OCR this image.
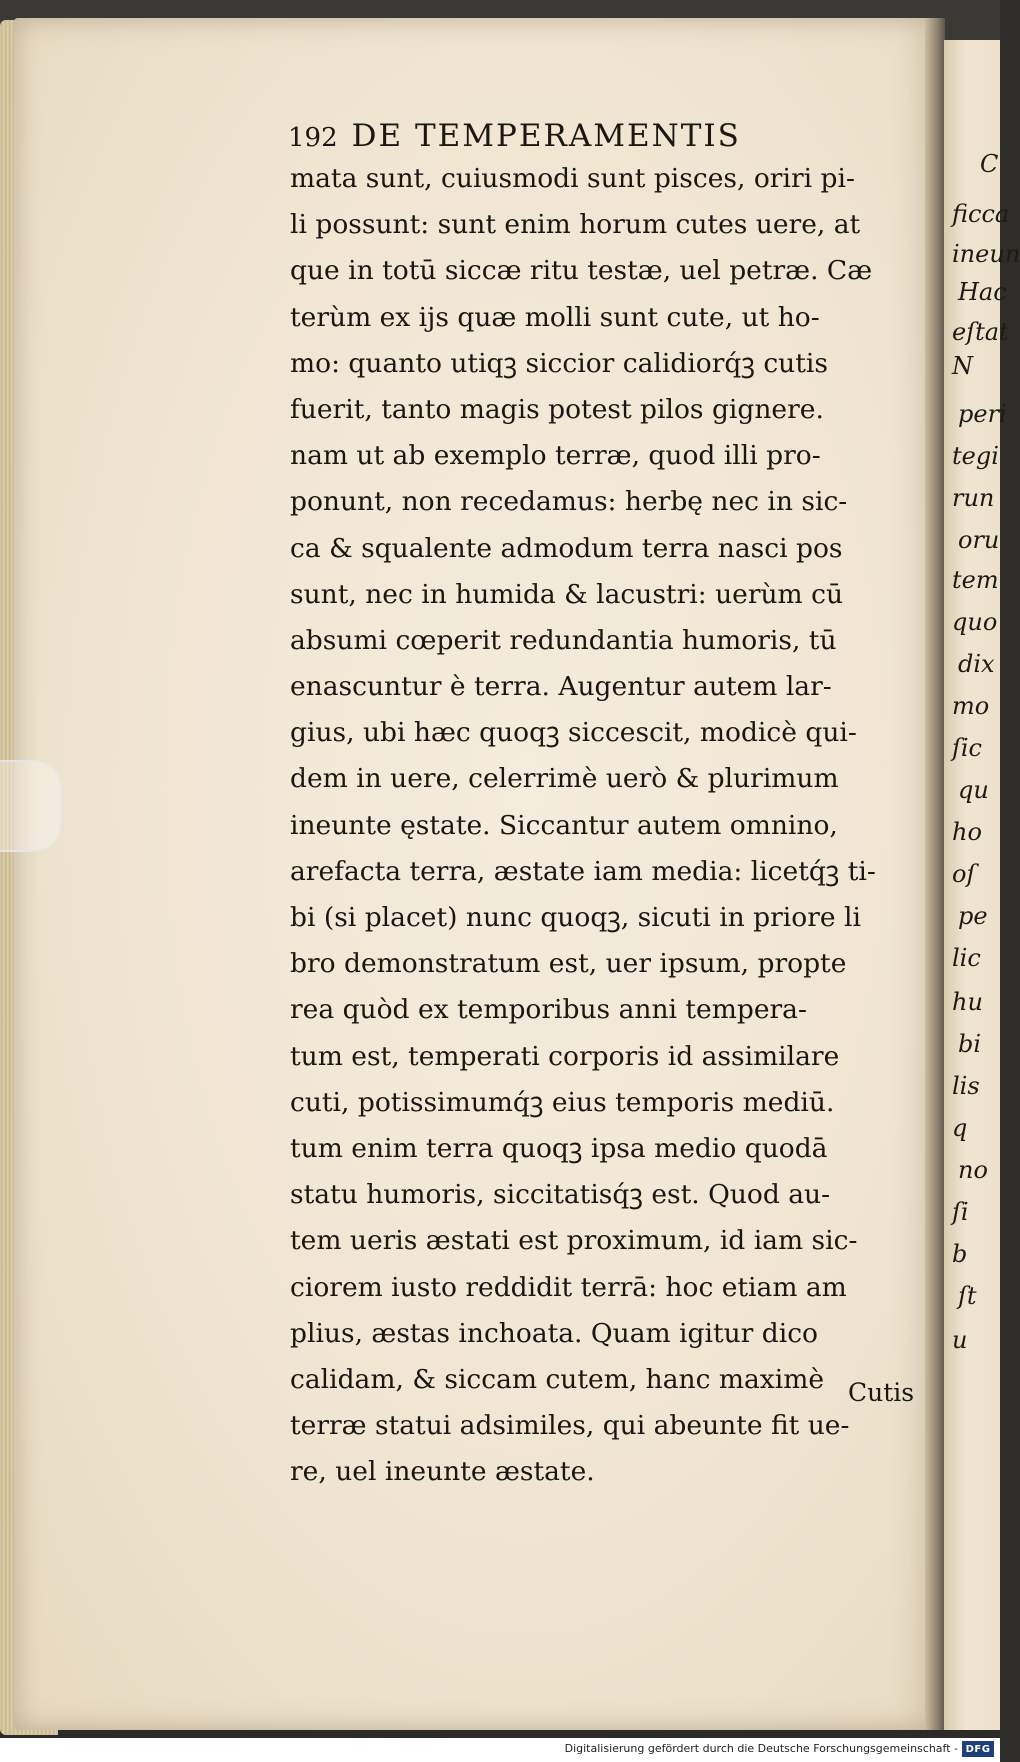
192 DE TEMPERAMENTIS
mata sunt, cuiusmodi sunt pisces, oriri pi-
li possunt: sunt enim horum cutes uere, at
que in totū siccæ ritu testæ, uel petræ. Cæ
terùm ex ijs quæ molli sunt cute, ut ho-
mo: quanto utiqꝫ siccior calidiorq́ꝫ cutis
fuerit, tanto magis potest pilos gignere.
nam ut ab exemplo terræ, quod illi pro-
ponunt, non recedamus: herbę nec in sic-
ca & squalente admodum terra nasci pos
sunt, nec in humida & lacustri: uerùm cū
absumi cœperit redundantia humoris, tū
enascuntur è terra. Augentur autem lar-
gius, ubi hæc quoqꝫ siccescit, modicè qui-
dem in uere, celerrimè uerò & plurimum
ineunte ęstate. Siccantur autem omnino,
arefacta terra, æstate iam media: licetq́ꝫ ti-
bi (si placet) nunc quoqꝫ, sicuti in priore li
bro demonstratum est, uer ipsum, propte
rea quòd ex temporibus anni tempera-
tum est, temperati corporis id assimilare
cuti, potissimumq́ꝫ eius temporis mediū.
tum enim terra quoqꝫ ipsa medio quodā
statu humoris, siccitatisq́ꝫ est. Quod au-
tem ueris æstati est proximum, id iam sic-
ciorem iusto reddidit terrā: hoc etiam am
plius, æstas inchoata. Quam igitur dico
calidam, & siccam cutem, hanc maximè
terræ statui adsimiles, qui abeunte fit ue-
re, uel ineunte æstate.
Cutis
C
ficca
ineun
Hac
eſtat
N
peri
tegi
run
oru
tem
quo
dix
mo
ſic
qu
ho
oſ
pe
lic
hu
bi
lis
q
no
ſi
b
ſt
u
Digitalisierung gefördert durch die Deutsche Forschungsgemeinschaft - DFG
